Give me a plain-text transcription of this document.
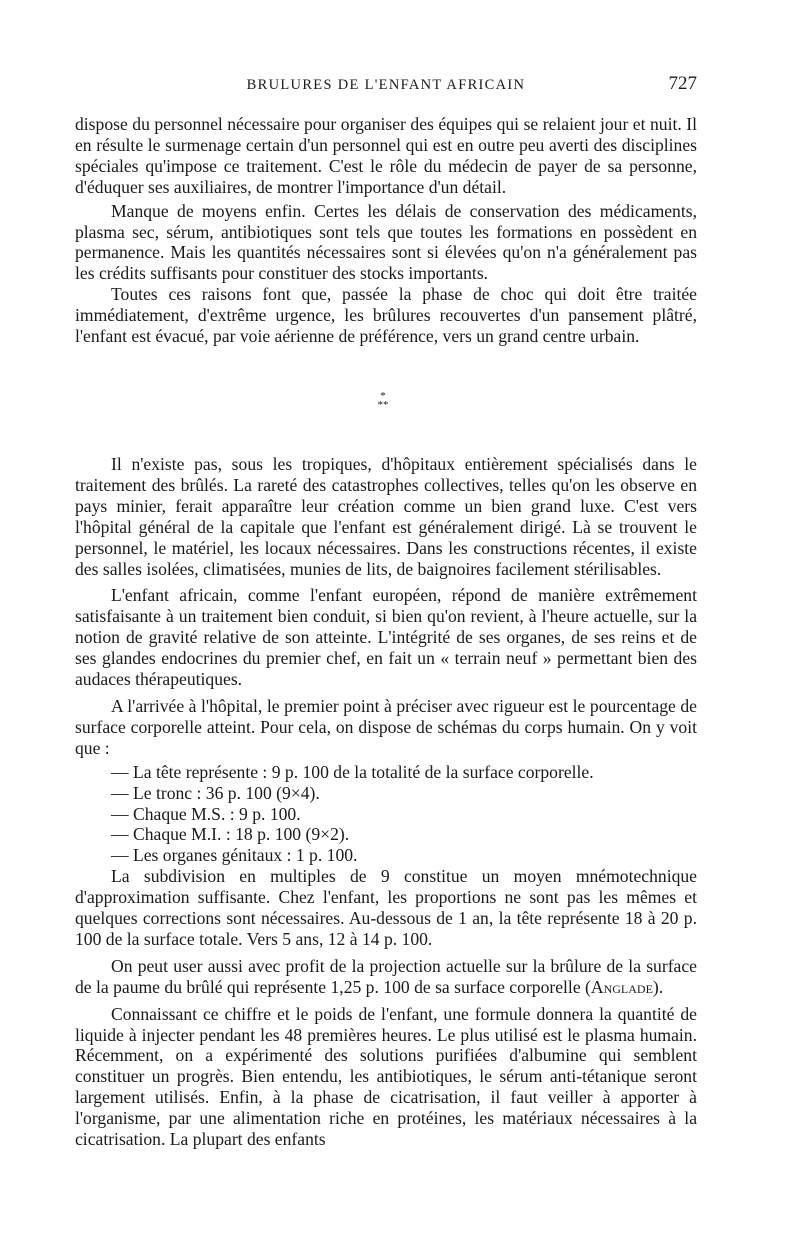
BRULURES DE L'ENFANT AFRICAIN	727

dispose du personnel nécessaire pour organiser des équipes qui se relaient jour et nuit. Il en résulte le surmenage certain d'un personnel qui est en outre peu averti des disciplines spéciales qu'impose ce traitement. C'est le rôle du médecin de payer de sa personne, d'éduquer ses auxiliaires, de montrer l'importance d'un détail.

Manque de moyens enfin. Certes les délais de conservation des médicaments, plasma sec, sérum, antibiotiques sont tels que toutes les formations en possèdent en permanence. Mais les quantités nécessaires sont si élevées qu'on n'a généralement pas les crédits suffisants pour constituer des stocks importants.

Toutes ces raisons font que, passée la phase de choc qui doit être traitée immédiatement, d'extrême urgence, les brûlures recouvertes d'un pansement plâtré, l'enfant est évacué, par voie aérienne de préférence, vers un grand centre urbain.

*
**

Il n'existe pas, sous les tropiques, d'hôpitaux entièrement spécialisés dans le traitement des brûlés. La rareté des catastrophes collectives, telles qu'on les observe en pays minier, ferait apparaître leur création comme un bien grand luxe. C'est vers l'hôpital général de la capitale que l'enfant est généralement dirigé. Là se trouvent le personnel, le matériel, les locaux nécessaires. Dans les constructions récentes, il existe des salles isolées, climatisées, munies de lits, de baignoires facilement stérilisables.

L'enfant africain, comme l'enfant européen, répond de manière extrêmement satisfaisante à un traitement bien conduit, si bien qu'on revient, à l'heure actuelle, sur la notion de gravité relative de son atteinte. L'intégrité de ses organes, de ses reins et de ses glandes endocrines du premier chef, en fait un « terrain neuf » permettant bien des audaces thérapeutiques.

A l'arrivée à l'hôpital, le premier point à préciser avec rigueur est le pourcentage de surface corporelle atteint. Pour cela, on dispose de schémas du corps humain. On y voit que :

— La tête représente : 9 p. 100 de la totalité de la surface corporelle.

— Le tronc : 36 p. 100 (9×4).

— Chaque M.S. : 9 p. 100.

— Chaque M.I. : 18 p. 100 (9×2).

— Les organes génitaux : 1 p. 100.

La subdivision en multiples de 9 constitue un moyen mnémotechnique d'approximation suffisante. Chez l'enfant, les proportions ne sont pas les mêmes et quelques corrections sont nécessaires. Au-dessous de 1 an, la tête représente 18 à 20 p. 100 de la surface totale. Vers 5 ans, 12 à 14 p. 100.

On peut user aussi avec profit de la projection actuelle sur la brûlure de la surface de la paume du brûlé qui représente 1,25 p. 100 de sa surface corporelle (Anglade).

Connaissant ce chiffre et le poids de l'enfant, une formule donnera la quantité de liquide à injecter pendant les 48 premières heures. Le plus utilisé est le plasma humain. Récemment, on a expérimenté des solutions purifiées d'albumine qui semblent constituer un progrès. Bien entendu, les antibiotiques, le sérum anti-tétanique seront largement utilisés. Enfin, à la phase de cicatrisation, il faut veiller à apporter à l'organisme, par une alimentation riche en protéines, les matériaux nécessaires à la cicatrisation. La plupart des enfants
